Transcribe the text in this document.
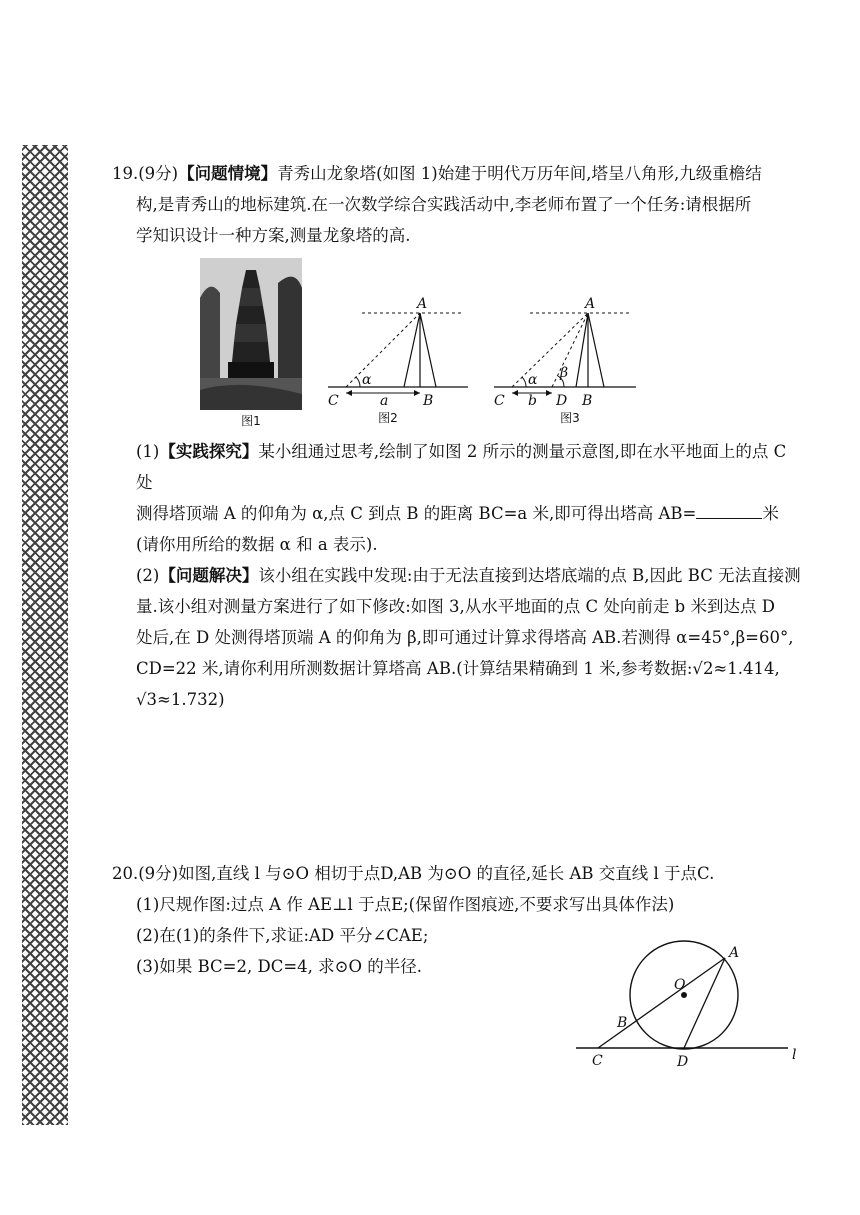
19.(9分)【问题情境】青秀山龙象塔(如图 1)始建于明代万历年间,塔呈八角形,九级重檐结

构,是青秀山的地标建筑.在一次数学综合实践活动中,李老师布置了一个任务:请根据所

学知识设计一种方案,测量龙象塔的高.

图1
A
α
C	a B
图2
A
α β
C b D B
图3

(1)【实践探究】某小组通过思考,绘制了如图 2 所示的测量示意图,即在水平地面上的点 C 处

测得塔顶端 A 的仰角为 α,点 C 到点 B 的距离 BC=a 米,即可得出塔高 AB=	米

(请你用所给的数据 α 和 a 表示).

(2)【问题解决】该小组在实践中发现:由于无法直接到达塔底端的点 B,因此 BC 无法直接测

量.该小组对测量方案进行了如下修改:如图 3,从水平地面的点 C 处向前走 b 米到达点 D

处后,在 D 处测得塔顶端 A 的仰角为 β,即可通过计算求得塔高 AB.若测得 α=45°,β=60°,

CD=22 米,请你利用所测数据计算塔高 AB.(计算结果精确到 1 米,参考数据:√2≈1.414,

√3≈1.732)

20.(9分)如图,直线 l 与⊙O 相切于点D,AB 为⊙O 的直径,延长 AB 交直线 l 于点C.

(1)尺规作图:过点 A 作 AE⊥l 于点E;(保留作图痕迹,不要求写出具体作法)

(2)在(1)的条件下,求证:AD 平分∠CAE;

(3)如果 BC=2, DC=4, 求⊙O 的半径.

A
O
B
C	D	l
